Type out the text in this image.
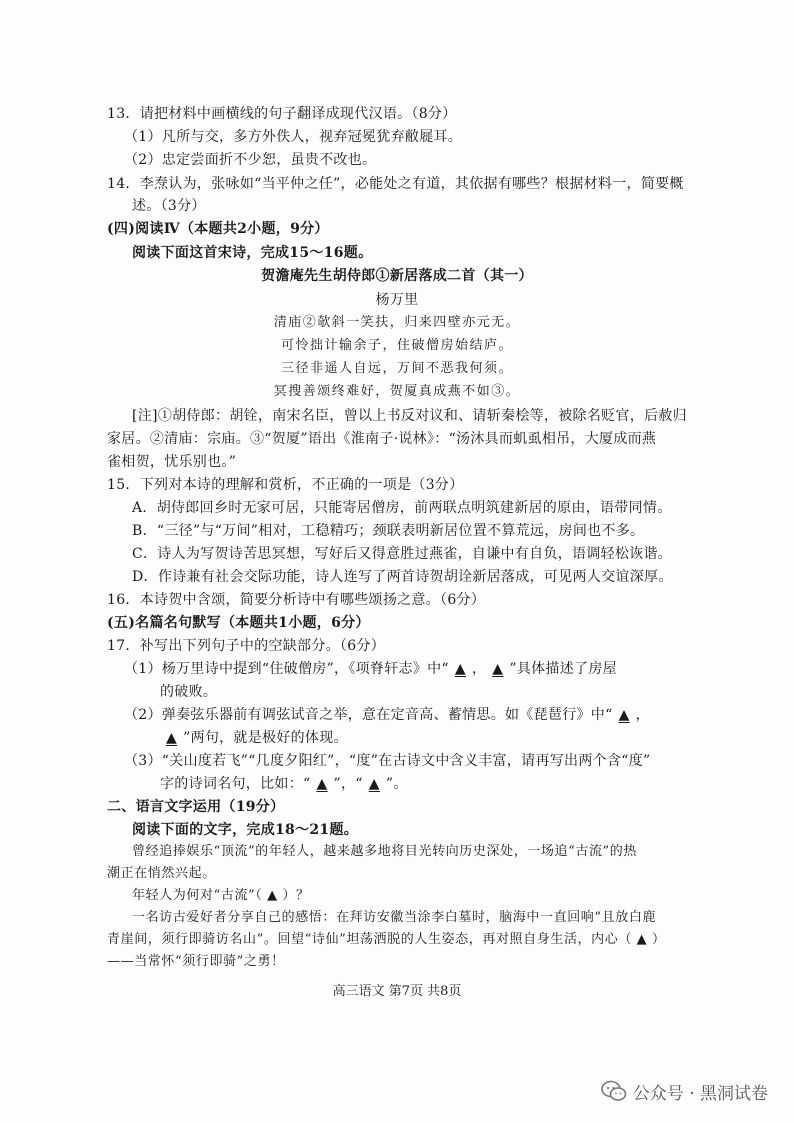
13．请把材料中画横线的句子翻译成现代汉语。（8分）
（1）凡所与交，多方外佚人，视弃冠冕犹弃敝屣耳。
（2）忠定尝面折不少恕，虽贵不改也。
14．李焘认为，张咏如“当平仲之任”，必能处之有道，其依据有哪些？根据材料一，简要概
述。（3分）
(四)阅读Ⅳ（本题共2小题，9分）
阅读下面这首宋诗，完成15～16题。
贺澹庵先生胡侍郎①新居落成二首（其一）
杨万里
清庙②欹斜一笑扶，归来四壁亦元无。
可怜拙计输余子，住破僧房始结庐。
三径非遥人自远，万间不恶我何须。
冥搜善颂终难好，贺厦真成燕不如③。
[注]①胡侍郎：胡铨，南宋名臣，曾以上书反对议和、请斩秦桧等，被除名贬官，后赦归
家居。②清庙：宗庙。③“贺厦”语出《淮南子·说林》：“汤沐具而虮虱相吊，大厦成而燕
雀相贺，忧乐别也。”
15．下列对本诗的理解和赏析，不正确的一项是（3分）
A．胡侍郎回乡时无家可居，只能寄居僧房，前两联点明筑建新居的原由，语带同情。
B．“三径”与“万间”相对，工稳精巧；颈联表明新居位置不算荒远，房间也不多。
C．诗人为写贺诗苦思冥想，写好后又得意胜过燕雀，自谦中有自负，语调轻松诙谐。
D．作诗兼有社会交际功能，诗人连写了两首诗贺胡诠新居落成，可见两人交谊深厚。
16．本诗贺中含颂，简要分析诗中有哪些颂扬之意。（6分）
(五)名篇名句默写（本题共1小题，6分）
17．补写出下列句子中的空缺部分。（6分）
（1）杨万里诗中提到“住破僧房”，《项脊轩志》中“ ▲ ， ▲ ”具体描述了房屋
的破败。
（2）弹奏弦乐器前有调弦试音之举，意在定音高、蓄情思。如《琵琶行》中“ ▲ ，
▲ ”两句，就是极好的体现。
（3）“关山度若飞”“几度夕阳红”，“度”在古诗文中含义丰富，请再写出两个含“度”
字的诗词名句，比如：“ ▲ ”，“ ▲ ”。
二、语言文字运用（19分）
阅读下面的文字，完成18～21题。
曾经追捧娱乐“顶流”的年轻人，越来越多地将目光转向历史深处，一场追“古流”的热
潮正在悄然兴起。
年轻人为何对“古流”（ ▲ ）？
一名访古爱好者分享自己的感悟：在拜访安徽当涂李白墓时，脑海中一直回响“且放白鹿
青崖间，须行即骑访名山”。回望“诗仙”坦荡洒脱的人生姿态，再对照自身生活，内心（ ▲ ）
——当常怀“须行即骑”之勇！
高三语文 第7页 共8页
公众号 · 黑洞试卷
